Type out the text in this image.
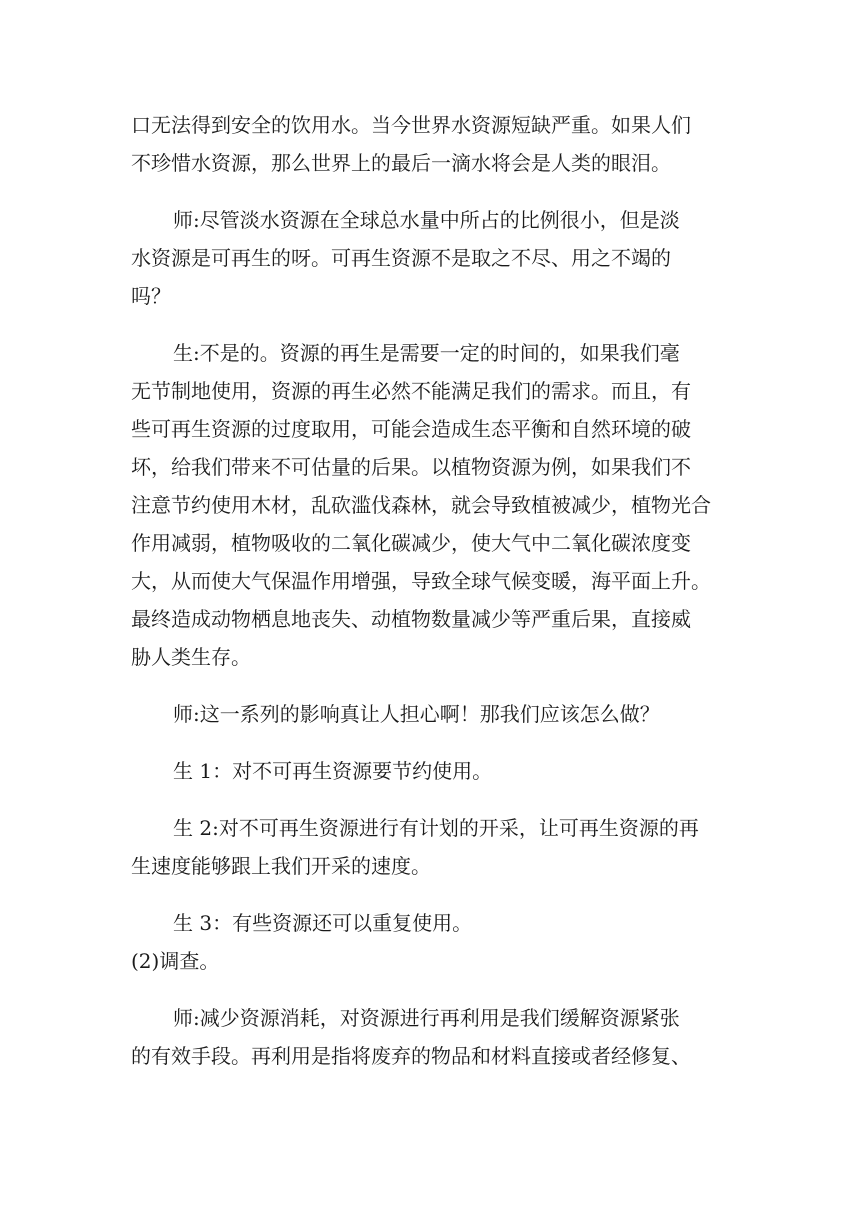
口无法得到安全的饮用水。当今世界水资源短缺严重。如果人们
不珍惜水资源，那么世界上的最后一滴水将会是人类的眼泪。
师:尽管淡水资源在全球总水量中所占的比例很小，但是淡
水资源是可再生的呀。可再生资源不是取之不尽、用之不竭的
吗？
生:不是的。资源的再生是需要一定的时间的，如果我们毫
无节制地使用，资源的再生必然不能满足我们的需求。而且，有
些可再生资源的过度取用，可能会造成生态平衡和自然环境的破
坏，给我们带来不可估量的后果。以植物资源为例，如果我们不
注意节约使用木材，乱砍滥伐森林，就会导致植被减少，植物光合
作用减弱，植物吸收的二氧化碳减少，使大气中二氧化碳浓度变
大，从而使大气保温作用增强，导致全球气候变暖，海平面上升。
最终造成动物栖息地丧失、动植物数量减少等严重后果，直接威
胁人类生存。
师:这一系列的影响真让人担心啊！那我们应该怎么做？
生 1：对不可再生资源要节约使用。
生 2:对不可再生资源进行有计划的开采，让可再生资源的再
生速度能够跟上我们开采的速度。
生 3：有些资源还可以重复使用。
(2)调查。
师:减少资源消耗，对资源进行再利用是我们缓解资源紧张
的有效手段。再利用是指将废弃的物品和材料直接或者经修复、
